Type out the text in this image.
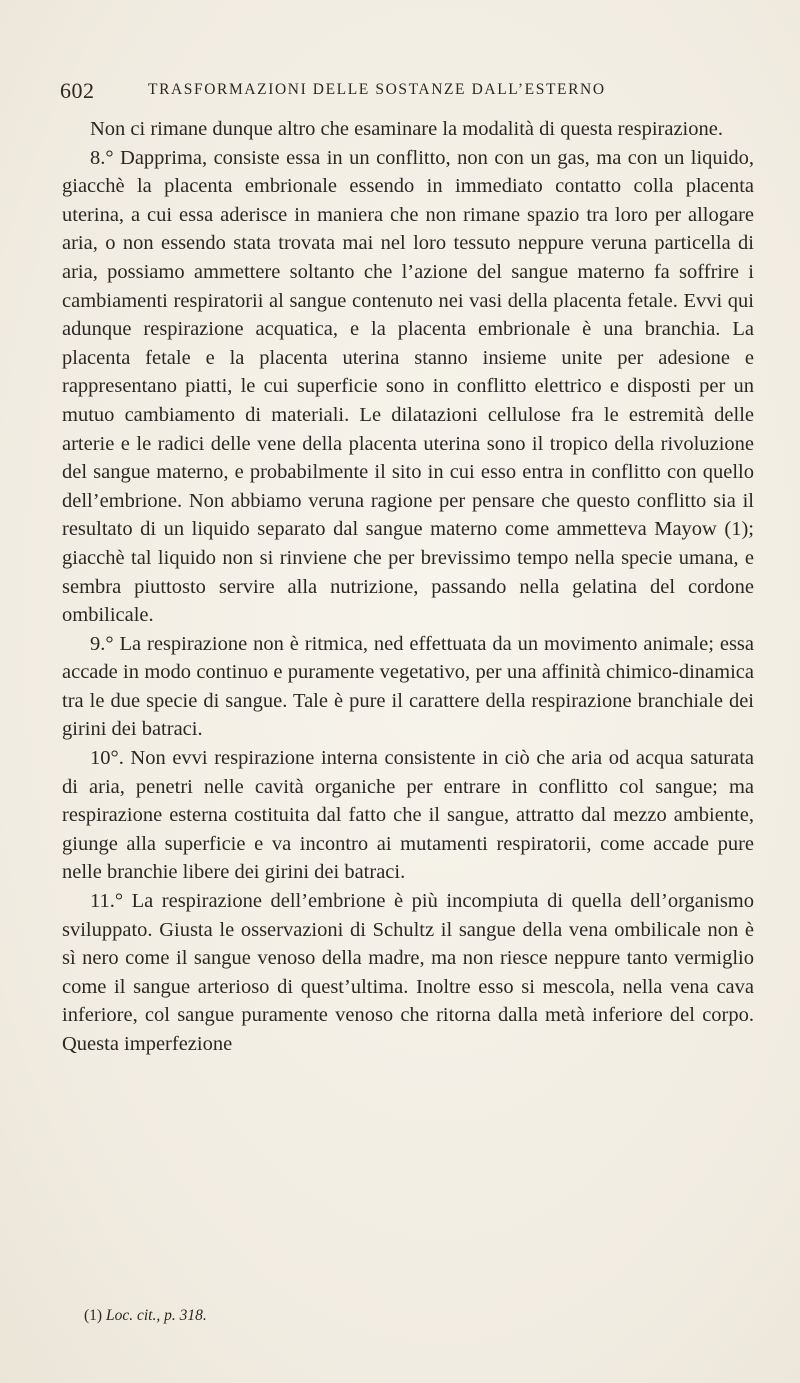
602	TRASFORMAZIONI DELLE SOSTANZE DALL’ESTERNO

Non ci rimane dunque altro che esaminare la modalità di questa respirazione.

8.° Dapprima, consiste essa in un conflitto, non con un gas, ma con un liquido, giacchè la placenta embrionale essendo in immediato contatto colla placenta uterina, a cui essa aderisce in maniera che non rimane spazio tra loro per allogare aria, o non essendo stata trovata mai nel loro tessuto neppure veruna particella di aria, possiamo ammettere soltanto che l’azione del sangue materno fa soffrire i cambiamenti respiratorii al sangue contenuto nei vasi della placenta fetale. Evvi qui adunque respirazione acquatica, e la placenta embrionale è una branchia. La placenta fetale e la placenta uterina stanno insieme unite per adesione e rappresentano piatti, le cui superficie sono in conflitto elettrico e disposti per un mutuo cambiamento di materiali. Le dilatazioni cellulose fra le estremità delle arterie e le radici delle vene della placenta uterina sono il tropico della rivoluzione del sangue materno, e probabilmente il sito in cui esso entra in conflitto con quello dell’embrione. Non abbiamo veruna ragione per pensare che questo conflitto sia il resultato di un liquido separato dal sangue materno come ammetteva Mayow (1); giacchè tal liquido non si rinviene che per brevissimo tempo nella specie umana, e sembra piuttosto servire alla nutrizione, passando nella gelatina del cordone ombilicale.

9.° La respirazione non è ritmica, ned effettuata da un movimento animale; essa accade in modo continuo e puramente vegetativo, per una affinità chimico-dinamica tra le due specie di sangue. Tale è pure il carattere della respirazione branchiale dei girini dei batraci.

10°. Non evvi respirazione interna consistente in ciò che aria od acqua saturata di aria, penetri nelle cavità organiche per entrare in conflitto col sangue; ma respirazione esterna costituita dal fatto che il sangue, attratto dal mezzo ambiente, giunge alla superficie e va incontro ai mutamenti respiratorii, come accade pure nelle branchie libere dei girini dei batraci.

11.° La respirazione dell’embrione è più incompiuta di quella dell’organismo sviluppato. Giusta le osservazioni di Schultz il sangue della vena ombilicale non è sì nero come il sangue venoso della madre, ma non riesce neppure tanto vermiglio come il sangue arterioso di quest’ultima. Inoltre esso si mescola, nella vena cava inferiore, col sangue puramente venoso che ritorna dalla metà inferiore del corpo. Questa imperfezione

(1) Loc. cit., p. 318.
